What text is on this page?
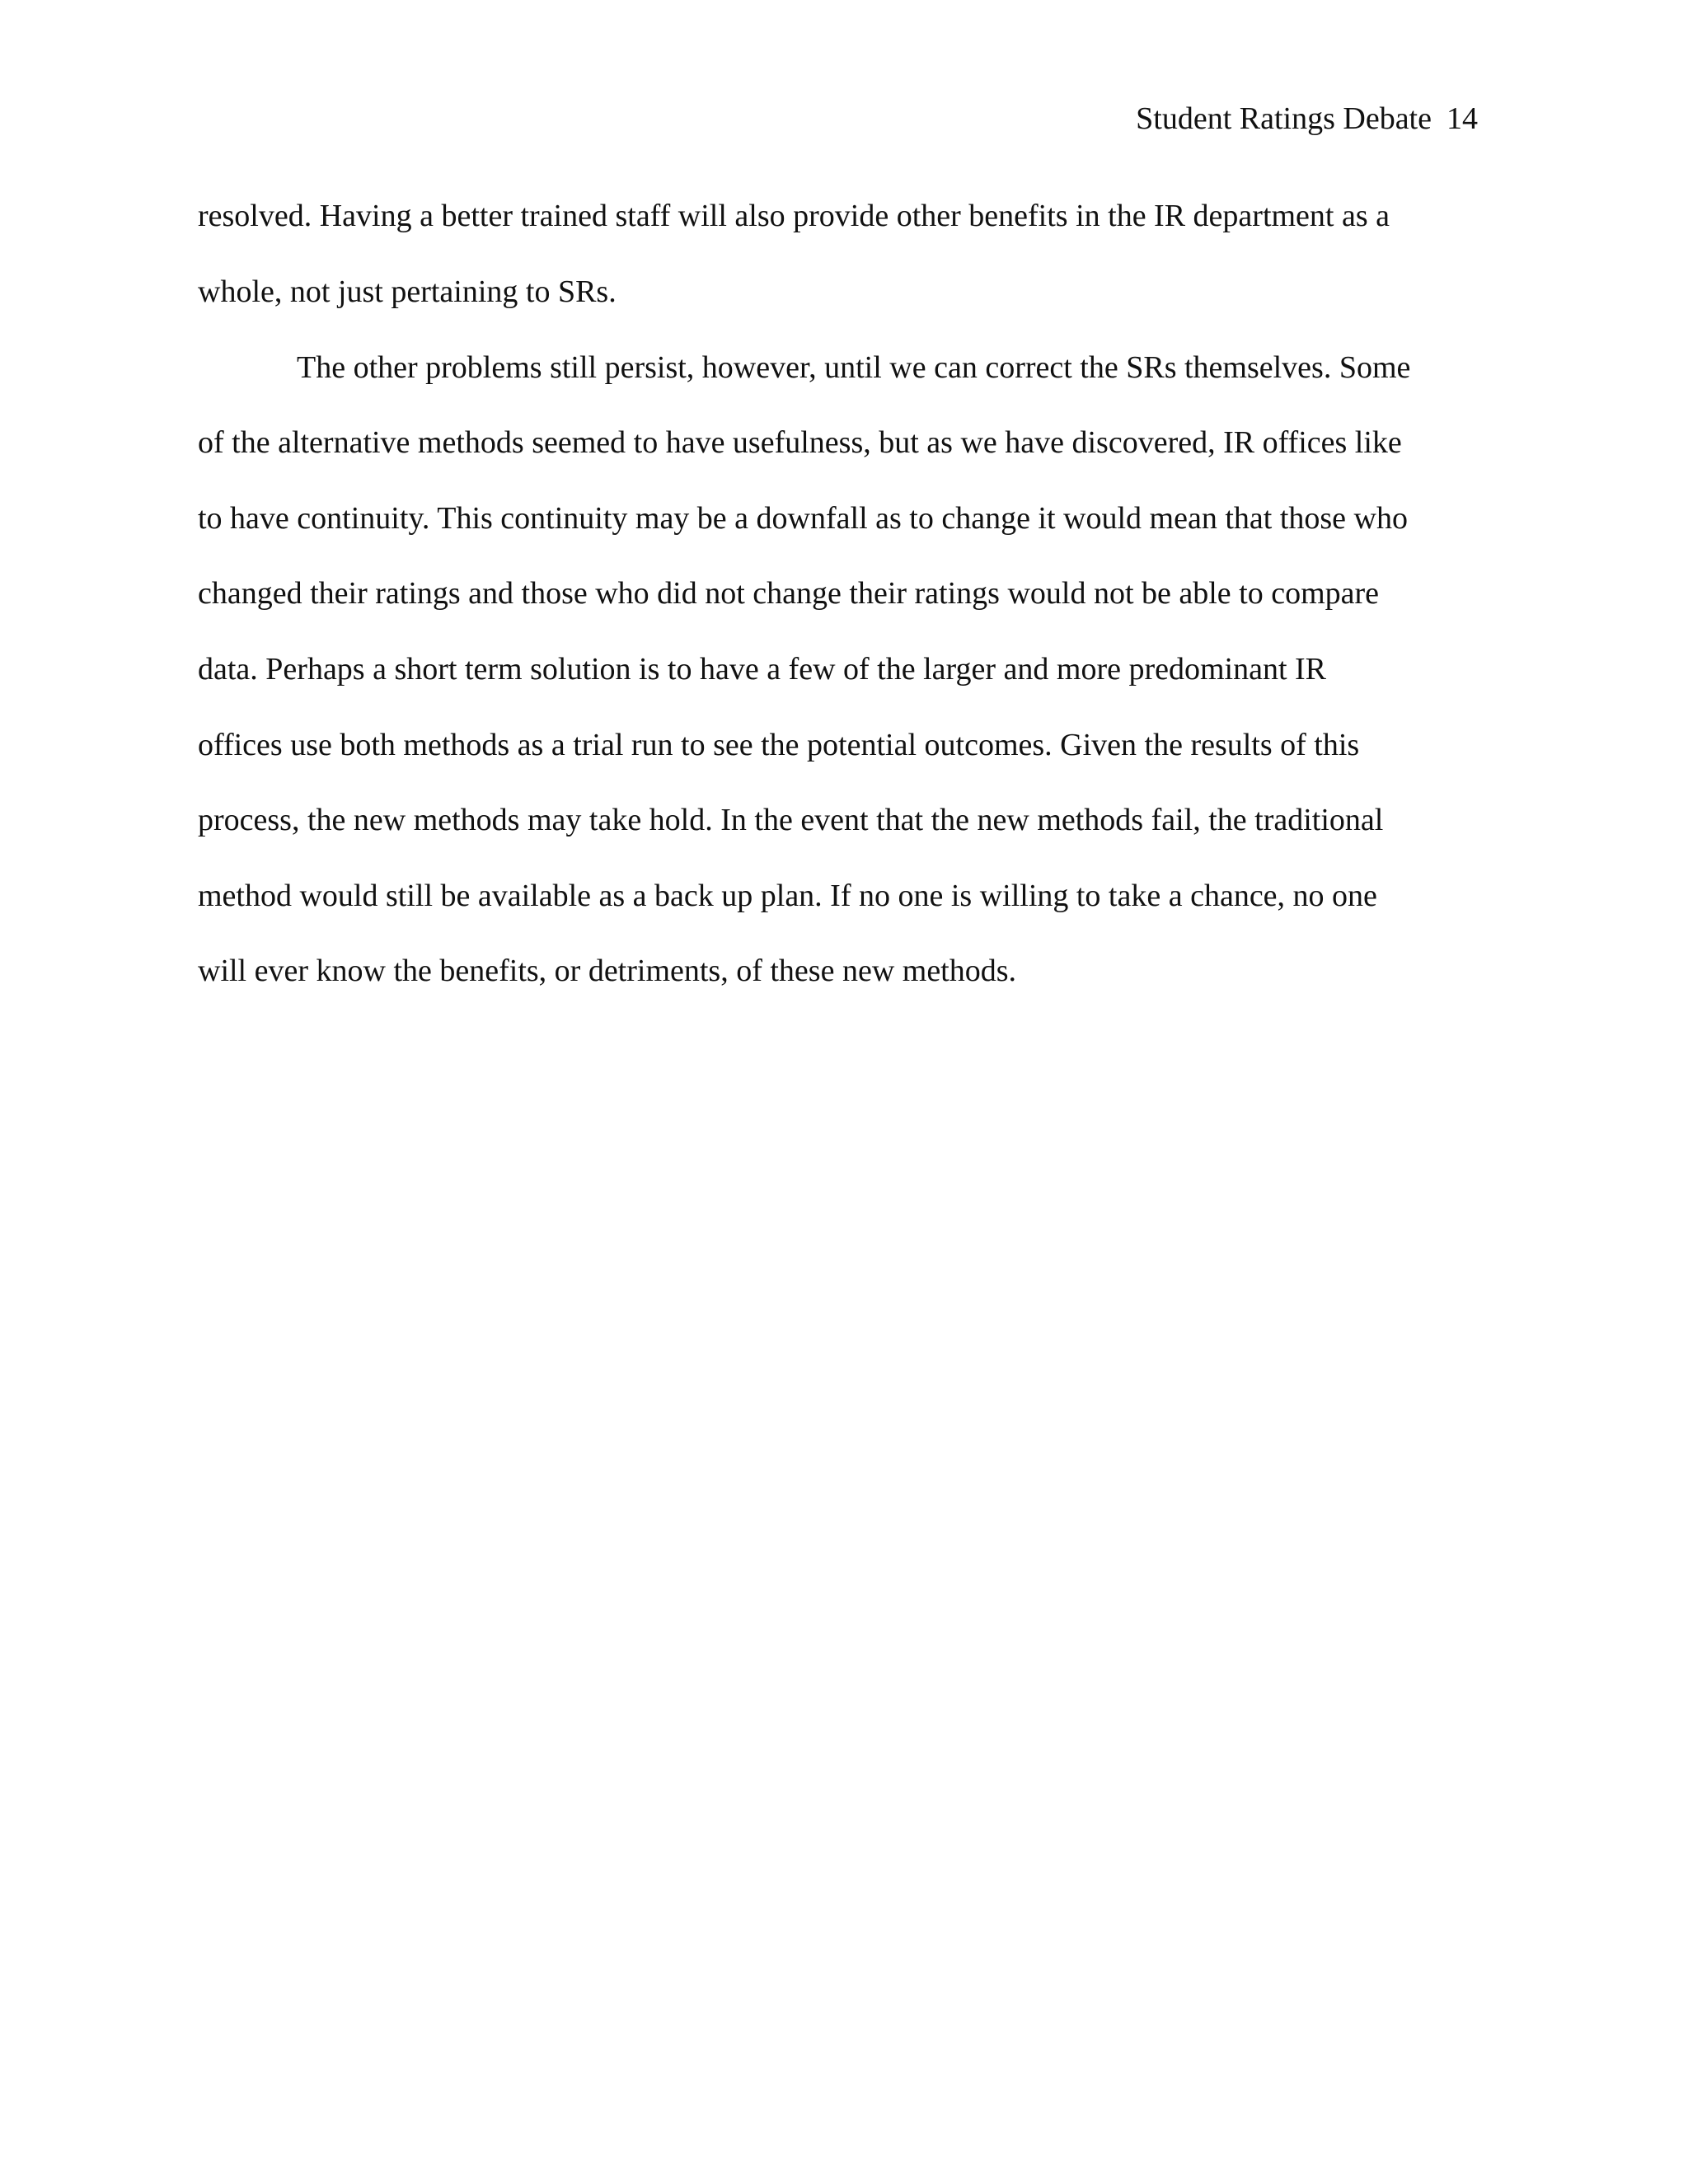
Student Ratings Debate 14
resolved. Having a better trained staff will also provide other benefits in the IR department as a
whole, not just pertaining to SRs.
The other problems still persist, however, until we can correct the SRs themselves. Some
of the alternative methods seemed to have usefulness, but as we have discovered, IR offices like
to have continuity. This continuity may be a downfall as to change it would mean that those who
changed their ratings and those who did not change their ratings would not be able to compare
data. Perhaps a short term solution is to have a few of the larger and more predominant IR
offices use both methods as a trial run to see the potential outcomes. Given the results of this
process, the new methods may take hold. In the event that the new methods fail, the traditional
method would still be available as a back up plan. If no one is willing to take a chance, no one
will ever know the benefits, or detriments, of these new methods.
